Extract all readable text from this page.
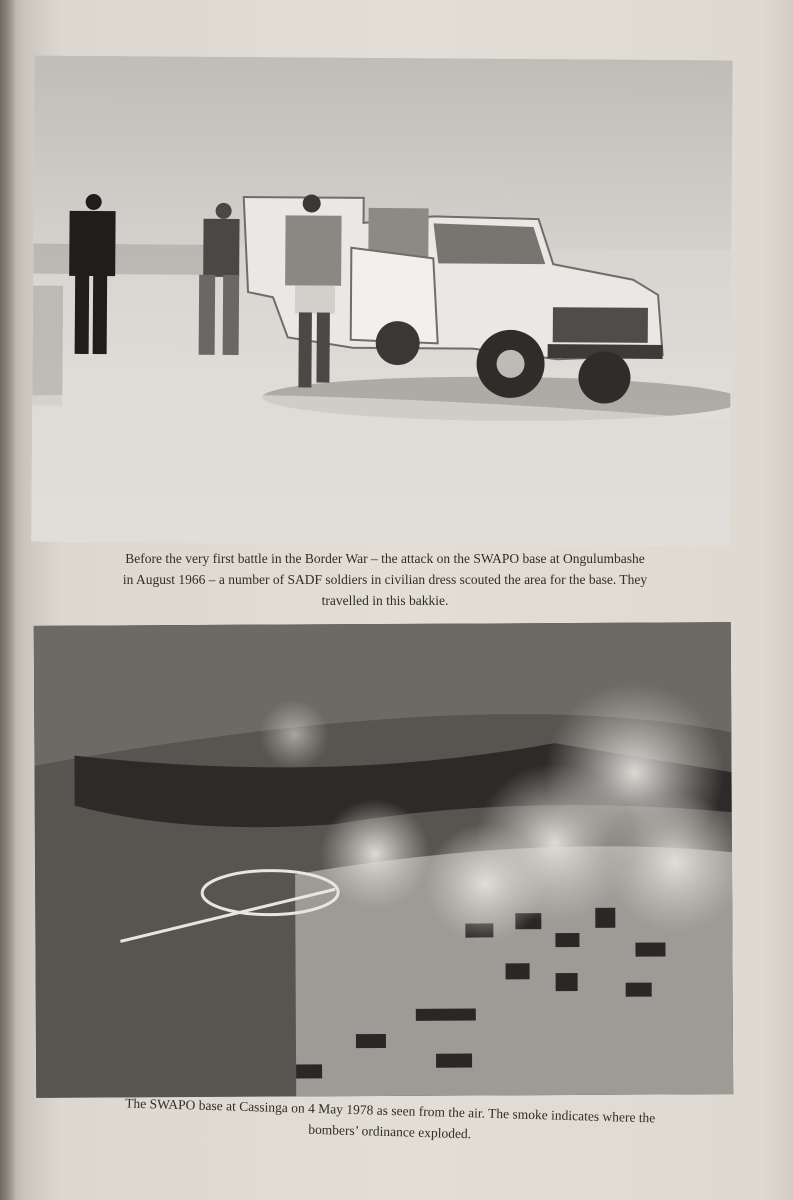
Before the very first battle in the Border War – the attack on the SWAPO base at Ongulumbashe

in August 1966 – a number of SADF soldiers in civilian dress scouted the area for the base. They

travelled in this bakkie.

The SWAPO base at Cassinga on 4 May 1978 as seen from the air. The smoke indicates where the

bombers’ ordinance exploded.
